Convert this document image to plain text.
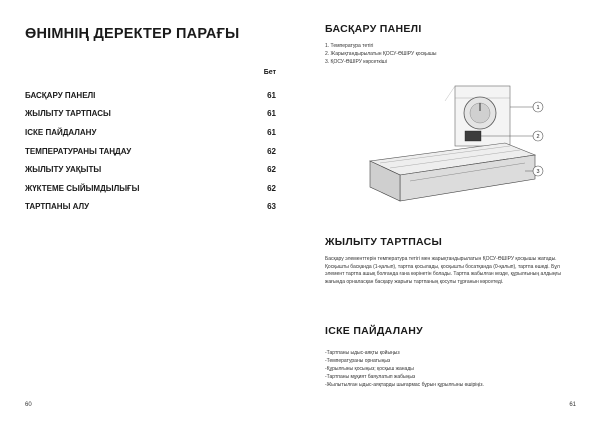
ӨНІМНІҢ ДЕРЕКТЕР ПАРАҒЫ
Бет
БАСҚАРУ ПАНЕЛІ	61
ЖЫЛЫТУ ТАРТПАСЫ	61
ІСКЕ ПАЙДАЛАНУ	61
ТЕМПЕРАТУРАНЫ ТАҢДАУ	62
ЖЫЛЫТУ УАҚЫТЫ	62
ЖҮКТЕМЕ СЫЙЫМДЫЛЫҒЫ	62
ТАРТПАНЫ АЛУ	63
60
БАСҚАРУ ПАНЕЛІ
1. Температура тетігі
2. Жарықтандырылатын ҚОСУ-ӨШІРУ қосқышы
3. ҚОСУ-ӨШІРУ көрсеткіші
1
2
3
ЖЫЛЫТУ ТАРТПАСЫ

Басқару элементтерін температура тетігі мен жарықтандырылатын ҚОСУ-ӨШІРУ қосқышы жатады. Қосқышты басқанда (1-қалып), тартпа қосылады, қосқышты босатқанда (0-қалып), тартпа өшеді. Бұл элемент тартпа ашық болғанда ғана көрінетін болады. Тартпа жабылған кезде, құрылғының алдыңғы жағында орналасқан басқару жарығы тартпаның қосулы тұрғанын көрсетеді.

ІСКЕ ПАЙДАЛАНУ
-Тартпаны ыдыс-аяқты қойыңыз
-Температураны орнатыңыз
-Құрылғыны қосыңыз; қосқыш жанады
-Тартпаны мұқият баяулатып жабыңыз
-Жылытылған ыдыс-аяқтарды шығармас бұрын құрылғыны өшіріңіз.
61
